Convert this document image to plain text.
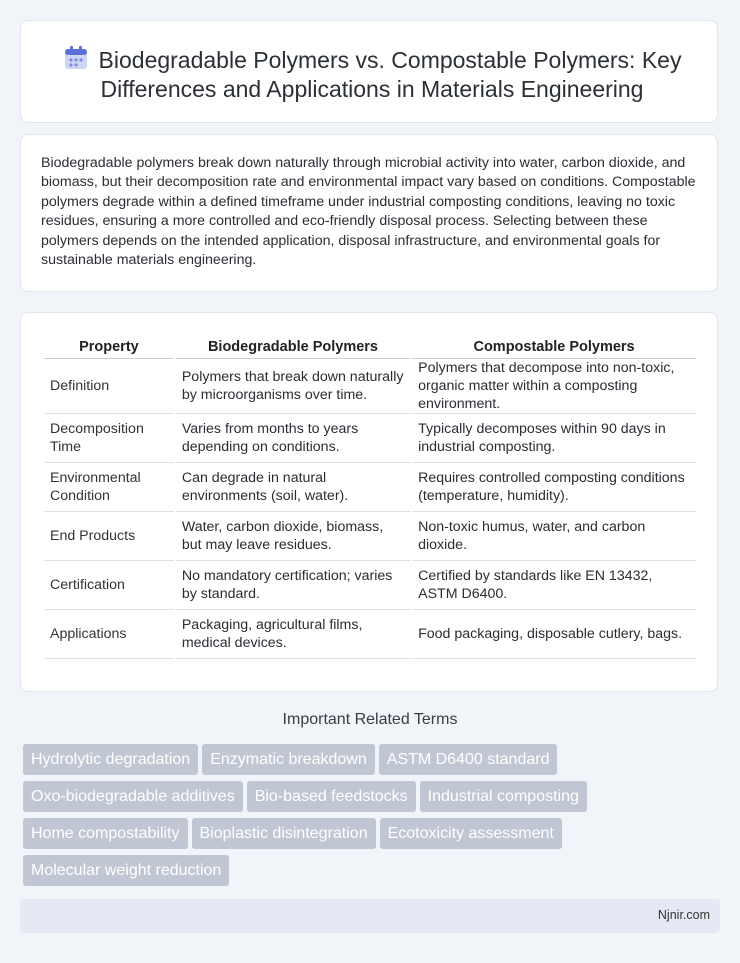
Biodegradable Polymers vs. Compostable Polymers: Key Differences and Applications in Materials Engineering

Biodegradable polymers break down naturally through microbial activity into water, carbon dioxide, and biomass, but their decomposition rate and environmental impact vary based on conditions. Compostable polymers degrade within a defined timeframe under industrial composting conditions, leaving no toxic residues, ensuring a more controlled and eco-friendly disposal process. Selecting between these polymers depends on the intended application, disposal infrastructure, and environmental goals for sustainable materials engineering.

Property	Biodegradable Polymers	Compostable Polymers
Definition	Polymers that break down naturally by microorganisms over time.	Polymers that decompose into non-toxic, organic matter within a composting environment.
Decomposition Time	Varies from months to years depending on conditions.	Typically decomposes within 90 days in industrial composting.
Environmental Condition	Can degrade in natural environments (soil, water).	Requires controlled composting conditions (temperature, humidity).
End Products	Water, carbon dioxide, biomass, but may leave residues.	Non-toxic humus, water, and carbon dioxide.
Certification	No mandatory certification; varies by standard.	Certified by standards like EN 13432, ASTM D6400.
Applications	Packaging, agricultural films, medical devices.	Food packaging, disposable cutlery, bags.
Important Related Terms
Hydrolytic degradation Enzymatic breakdown ASTM D6400 standard
Oxo-biodegradable additives Bio-based feedstocks Industrial composting
Home compostability Bioplastic disintegration Ecotoxicity assessment
Molecular weight reduction
Njnir.com
